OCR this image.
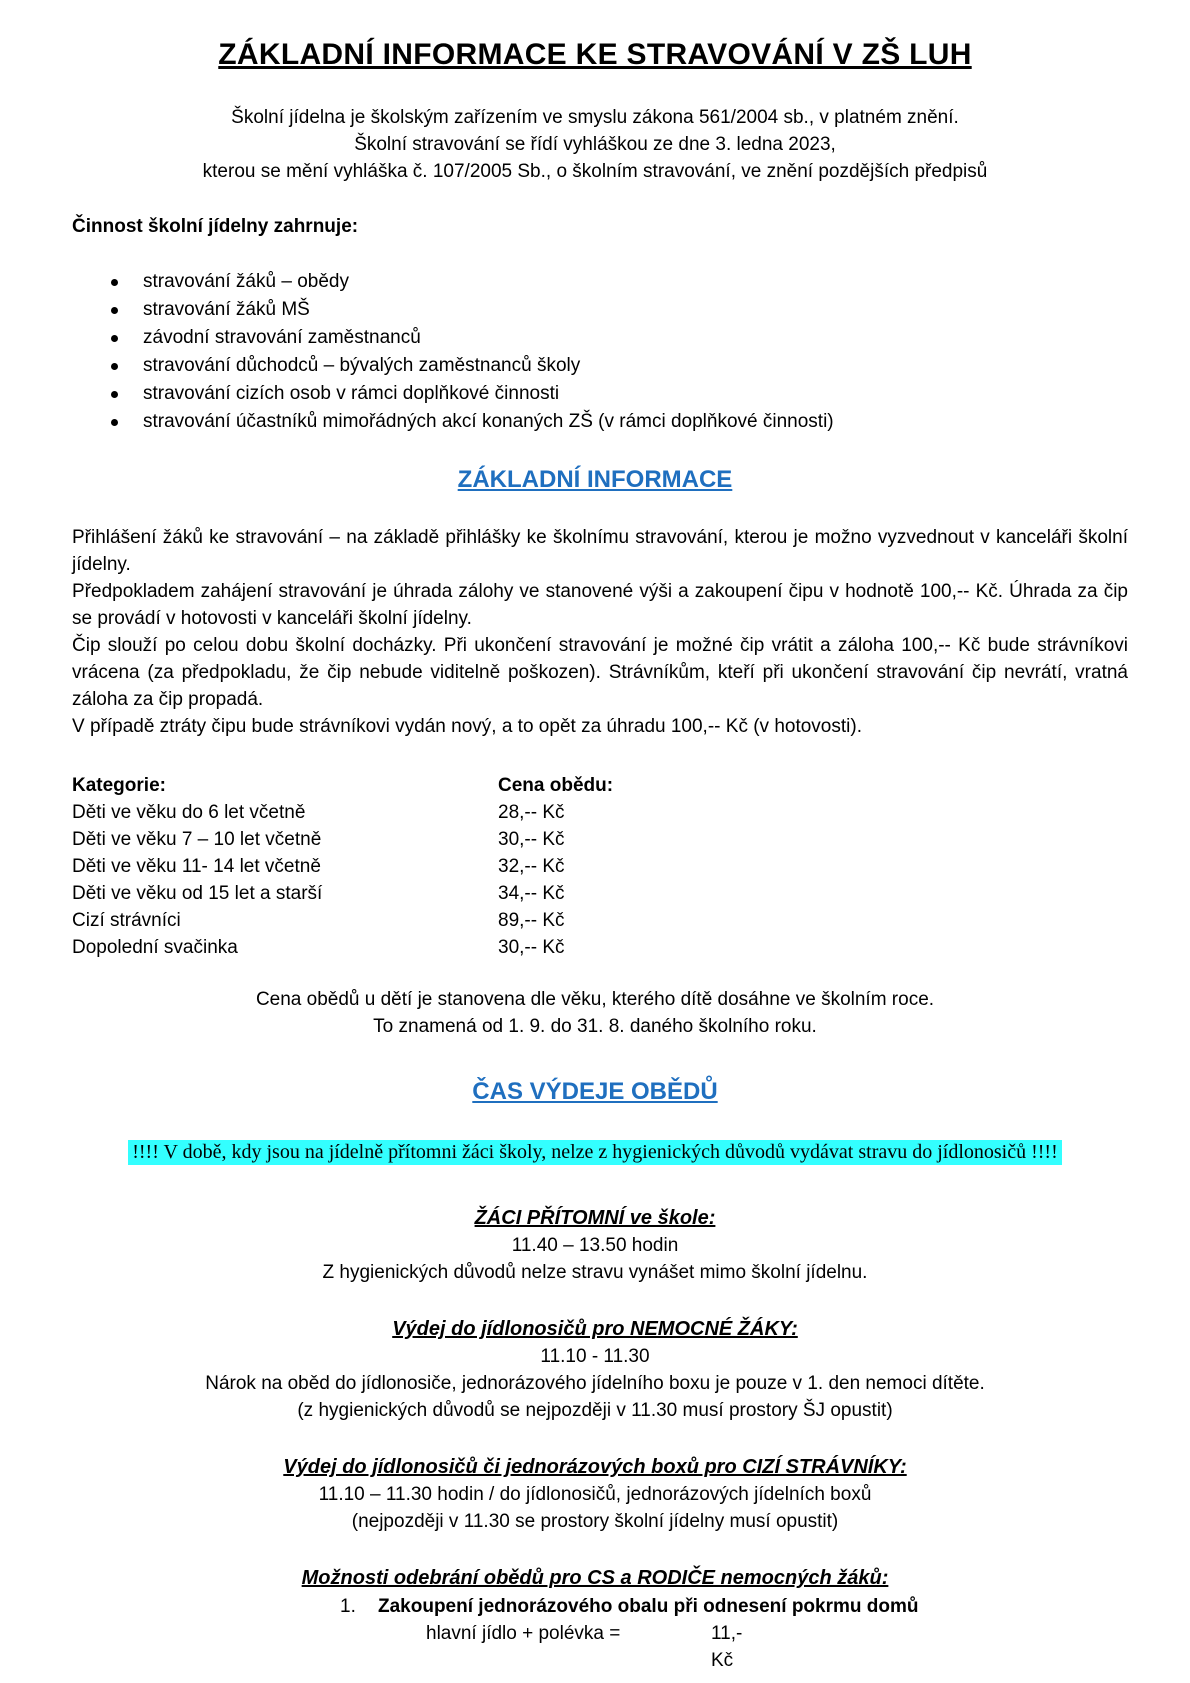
ZÁKLADNÍ INFORMACE KE STRAVOVÁNÍ V ZŠ LUH
Školní jídelna je školským zařízením ve smyslu zákona 561/2004 sb., v platném znění.
Školní stravování se řídí vyhláškou ze dne 3. ledna 2023,
kterou se mění vyhláška č. 107/2005 Sb., o školním stravování, ve znění pozdějších předpisů
Činnost školní jídelny zahrnuje:
stravování žáků – obědy
stravování žáků MŠ
závodní stravování zaměstnanců
stravování důchodců – bývalých zaměstnanců školy
stravování cizích osob v rámci doplňkové činnosti
stravování účastníků mimořádných akcí konaných ZŠ (v rámci doplňkové činnosti)
ZÁKLADNÍ INFORMACE

Přihlášení žáků ke stravování – na základě přihlášky ke školnímu stravování, kterou je možno vyzvednout v kanceláři školní jídelny.

Předpokladem zahájení stravování je úhrada zálohy ve stanovené výši a zakoupení čipu v hodnotě 100,-- Kč. Úhrada za čip se provádí v hotovosti v kanceláři školní jídelny.

Čip slouží po celou dobu školní docházky. Při ukončení stravování je možné čip vrátit a záloha 100,-- Kč bude strávníkovi vrácena (za předpokladu, že čip nebude viditelně poškozen). Strávníkům, kteří při ukončení stravování čip nevrátí, vratná záloha za čip propadá.

V případě ztráty čipu bude strávníkovi vydán nový, a to opět za úhradu 100,-- Kč (v hotovosti).

Kategorie:	Cena obědu:
Děti ve věku do 6 let včetně	28,-- Kč
Děti ve věku 7 – 10 let včetně	30,-- Kč
Děti ve věku 11- 14 let včetně	32,-- Kč
Děti ve věku od 15 let a starší	34,-- Kč
Cizí strávníci	89,-- Kč
Dopolední svačinka	30,-- Kč
Cena obědů u dětí je stanovena dle věku, kterého dítě dosáhne ve školním roce.
To znamená od 1. 9. do 31. 8. daného školního roku.
ČAS VÝDEJE OBĚDŮ
!!!! V době, kdy jsou na jídelně přítomni žáci školy, nelze z hygienických důvodů vydávat stravu do jídlonosičů !!!!
ŽÁCI PŘÍTOMNÍ ve škole:
11.40 – 13.50 hodin
Z hygienických důvodů nelze stravu vynášet mimo školní jídelnu.
Výdej do jídlonosičů pro NEMOCNÉ ŽÁKY:
11.10 - 11.30
Nárok na oběd do jídlonosiče, jednorázového jídelního boxu je pouze v 1. den nemoci dítěte.
(z hygienických důvodů se nejpozději v 11.30 musí prostory ŠJ opustit)
Výdej do jídlonosičů či jednorázových boxů pro CIZÍ STRÁVNÍKY:
11.10 – 11.30 hodin / do jídlonosičů, jednorázových jídelních boxů
(nejpozději v 11.30 se prostory školní jídelny musí opustit)
Možnosti odebrání obědů pro CS a RODIČE nemocných žáků:
1. Zakoupení jednorázového obalu při odnesení pokrmu domů
hlavní jídlo + polévka =	11,- Kč
